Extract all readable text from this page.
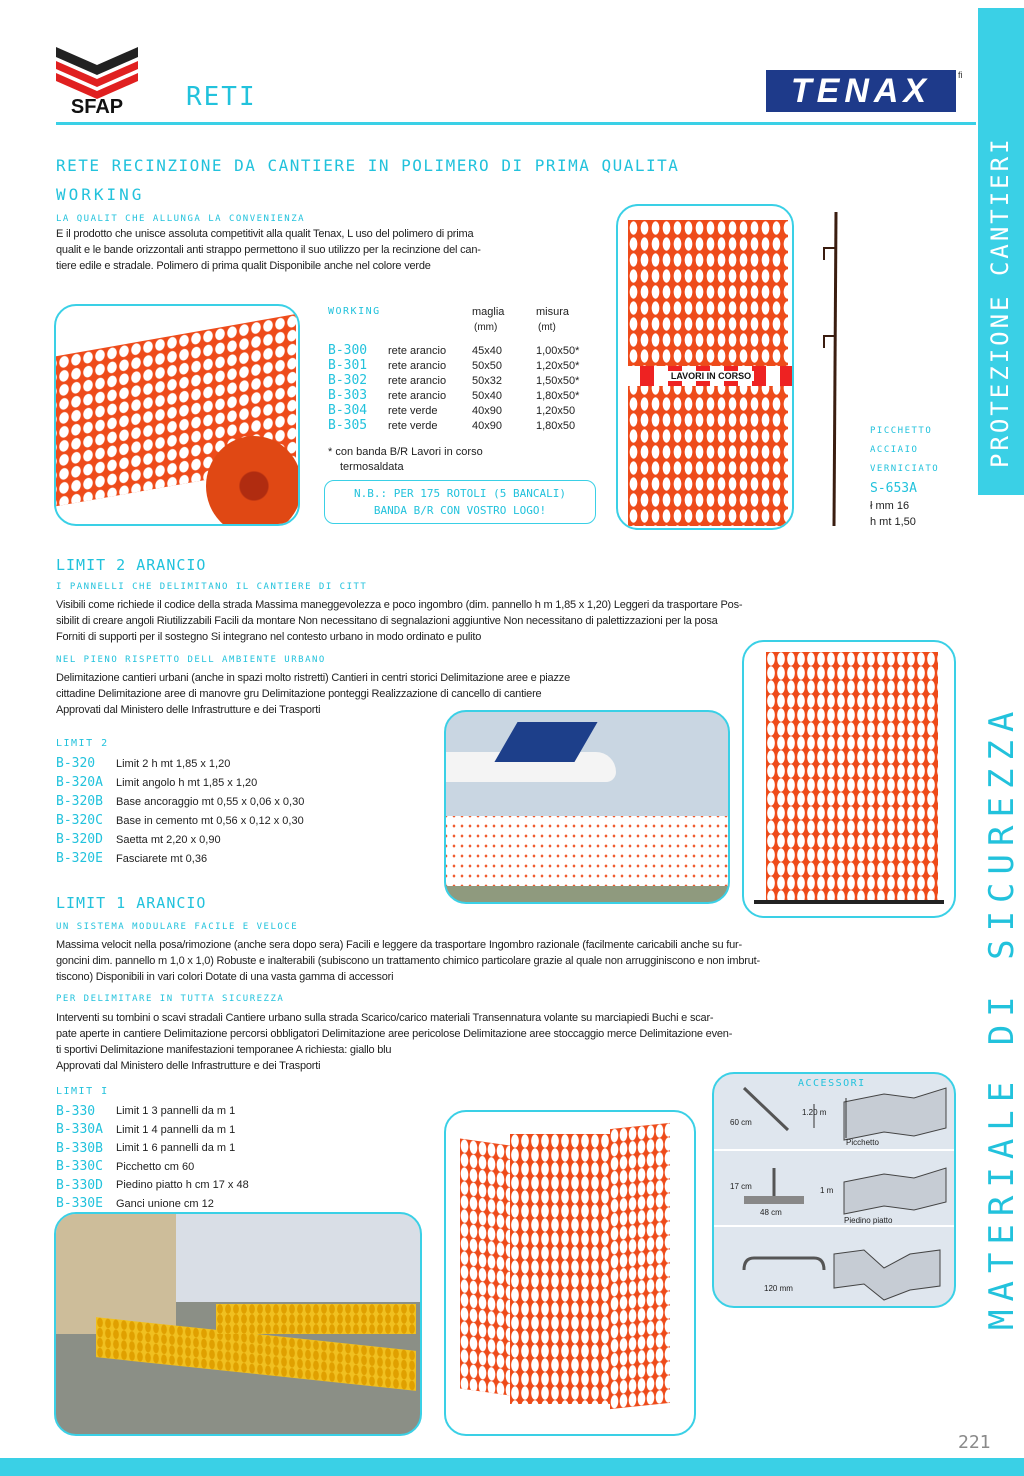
SFAP RETI	TENAX	fi
PROTEZIONE CANTIERI
MATERIALE DI SICUREZZA
221
RETE RECINZIONE DA CANTIERE IN POLIMERO DI PRIMA QUALITA
WORKING
LA QUALIT CHE ALLUNGA LA CONVENIENZA
E il prodotto che unisce assoluta competitivit alla qualit Tenax, L uso del polimero di prima
qualit e le bande orizzontali anti strappo permettono il suo utilizzo per la recinzione del can-
tiere edile e stradale. Polimero di prima qualit Disponibile anche nel colore verde
WORKING	maglia	misura
(mm)	(mt)
B-300	rete arancio	45x40	1,00x50*
B-301	rete arancio	50x50	1,20x50*
B-302	rete arancio	50x32	1,50x50*
B-303	rete arancio	50x40	1,80x50*
B-304	rete verde	40x90	1,20x50
B-305	rete verde	40x90	1,80x50
* con banda B/R Lavori in corso
termosaldata
N.B.: PER 175 ROTOLI (5 BANCALI)
BANDA B/R CON VOSTRO LOGO!
LAVORI IN CORSO
PICCHETTO
ACCIAIO
VERNICIATO
S-653A
ł mm 16
h mt 1,50
LIMIT 2 ARANCIO
I PANNELLI CHE DELIMITANO IL CANTIERE DI CITT
Visibili come richiede il codice della strada Massima maneggevolezza e poco ingombro (dim. pannello h m 1,85 x 1,20) Leggeri da trasportare Pos-
sibilit di creare angoli Riutilizzabili Facili da montare Non necessitano di segnalazioni aggiuntive Non necessitano di palettizzazioni per la posa
Forniti di supporti per il sostegno Si integrano nel contesto urbano in modo ordinato e pulito
NEL PIENO RISPETTO DELL AMBIENTE URBANO
Delimitazione cantieri urbani (anche in spazi molto ristretti) Cantieri in centri storici Delimitazione aree e piazze
cittadine Delimitazione aree di manovre gru Delimitazione ponteggi Realizzazione di cancello di cantiere
Approvati dal Ministero delle Infrastrutture e dei Trasporti
LIMIT 2
B-320	Limit 2 h mt 1,85 x 1,20
B-320A	Limit angolo h mt 1,85 x 1,20
B-320B	Base ancoraggio mt 0,55 x 0,06 x 0,30
B-320C	Base in cemento mt 0,56 x 0,12 x 0,30
B-320D	Saetta mt 2,20 x 0,90
B-320E	Fasciarete mt 0,36
LIMIT 1 ARANCIO
UN SISTEMA MODULARE FACILE E VELOCE
Massima velocit nella posa/rimozione (anche sera dopo sera) Facili e leggere da trasportare Ingombro razionale (facilmente caricabili anche su fur-
goncini dim. pannello m 1,0 x 1,0) Robuste e inalterabili (subiscono un trattamento chimico particolare grazie al quale non arrugginiscono e non imbrut-
tiscono) Disponibili in vari colori Dotate di una vasta gamma di accessori
PER DELIMITARE IN TUTTA SICUREZZA
Interventi su tombini o scavi stradali Cantiere urbano sulla strada Scarico/carico materiali Transennatura volante su marciapiedi Buchi e scar-
pate aperte in cantiere Delimitazione percorsi obbligatori Delimitazione aree pericolose Delimitazione aree stoccaggio merce Delimitazione even-
ti sportivi Delimitazione manifestazioni temporanee A richiesta: giallo blu
Approvati dal Ministero delle Infrastrutture e dei Trasporti
LIMIT I
B-330	Limit 1 3 pannelli da m 1
B-330A	Limit 1 4 pannelli da m 1
B-330B	Limit 1 6 pannelli da m 1
B-330C	Picchetto cm 60
B-330D	Piedino piatto h cm 17 x 48
B-330E	Ganci unione cm 12
ACCESSORI
60 cm
1.20 m
Picchetto
17 cm
48 cm
1 m
Piedino piatto
120 mm
